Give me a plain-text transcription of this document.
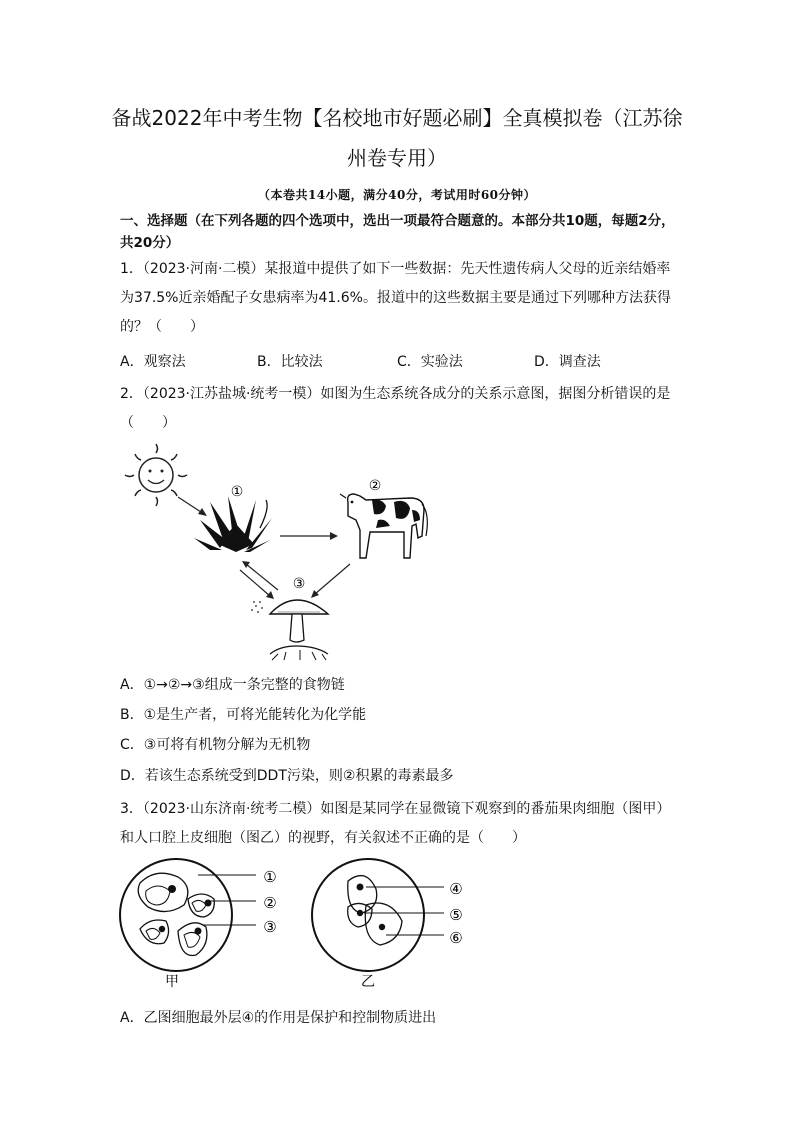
备战2022年中考生物【名校地市好题必刷】全真模拟卷（江苏徐州卷专用）
（本卷共14小题，满分40分，考试用时60分钟）
一、选择题（在下列各题的四个选项中，选出一项最符合题意的。本部分共10题，每题2分，共20分）
1．（2023·河南·二模）某报道中提供了如下一些数据：先天性遗传病人父母的近亲结婚率为37.5%近亲婚配子女患病率为41.6%。报道中的这些数据主要是通过下列哪种方法获得的？（　　）
A．观察法	B．比较法	C．实验法	D．调查法
2．（2023·江苏盐城·统考一模）如图为生态系统各成分的关系示意图，据图分析错误的是（　　）
①	②
③
A．①→②→③组成一条完整的食物链
B．①是生产者，可将光能转化为化学能
C．③可将有机物分解为无机物
D．若该生态系统受到DDT污染，则②积累的毒素最多
3．（2023·山东济南·统考二模）如图是某同学在显微镜下观察到的番茄果肉细胞（图甲）和人口腔上皮细胞（图乙）的视野，有关叙述不正确的是（　　）
①
②
③
甲
④
⑤
⑥
乙
A．乙图细胞最外层④的作用是保护和控制物质进出
